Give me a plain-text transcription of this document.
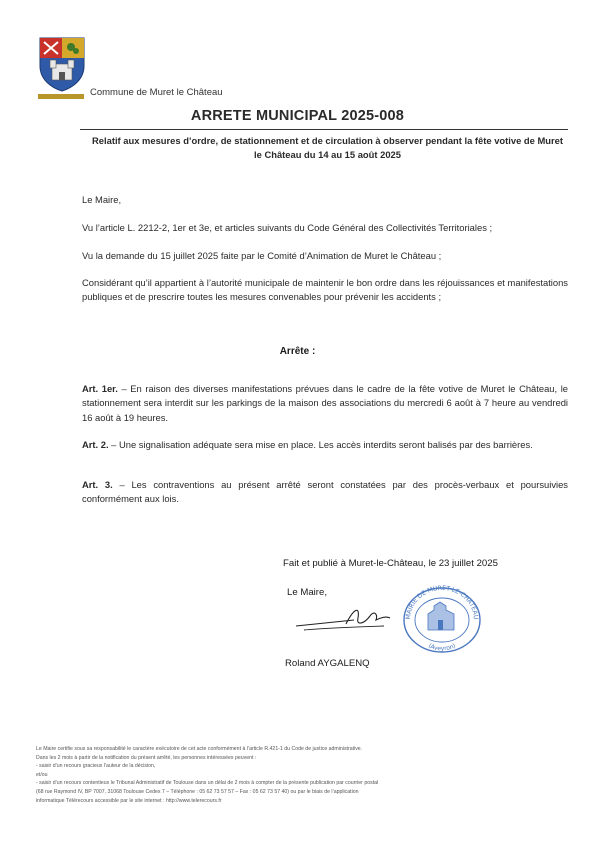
Commune de Muret le Château
ARRETE MUNICIPAL 2025-008
Relatif aux mesures d’ordre, de stationnement et de circulation à observer pendant la fête votive de Muret le Château du 14 au 15 août 2025
Le Maire,
Vu l’article L. 2212-2, 1er et 3e, et articles suivants du Code Général des Collectivités Territoriales ;
Vu la demande du 15 juillet 2025 faite par le Comité d’Animation de Muret le Château ;
Considérant qu’il appartient à l’autorité municipale de maintenir le bon ordre dans les réjouissances et manifestations publiques et de prescrire toutes les mesures convenables pour prévenir les accidents ;
Arrête :
Art. 1er. – En raison des diverses manifestations prévues dans le cadre de la fête votive de Muret le Château, le stationnement sera interdit sur les parkings de la maison des associations du mercredi 6 août à 7 heure au vendredi 16 août à 19 heures.
Art. 2. – Une signalisation adéquate sera mise en place. Les accès interdits seront balisés par des barrières.
Art. 3. – Les contraventions au présent arrêté seront constatées par des procès-verbaux et poursuivies conformément aux lois.
Fait et publié à Muret-le-Château, le 23 juillet 2025
Le Maire,
MAIRIE DE MURET-LE-CHATEAU
(Aveyron)
Roland AYGALENQ
Le Maire certifie sous sa responsabilité le caractère exécutoire de cet acte conformément à l’article R.421-1 du Code de justice administrative.
Dans les 2 mois à partir de la notification du présent arrêté, les personnes intéressées peuvent :
- saisir d’un recours gracieux l’auteur de la décision,
et/ou
- saisir d’un recours contentieux le Tribunal Administratif de Toulouse dans un délai de 2 mois à compter de la présente publication par courrier postal
(68 rue Raymond IV, BP 7007, 31068 Toulouse Cedex 7 – Téléphone : 05 62 73 57 57 – Fax : 05 62 73 57 40) ou par le biais de l’application
informatique Télérecours accessible par le site internet : http://www.telerecours.fr
